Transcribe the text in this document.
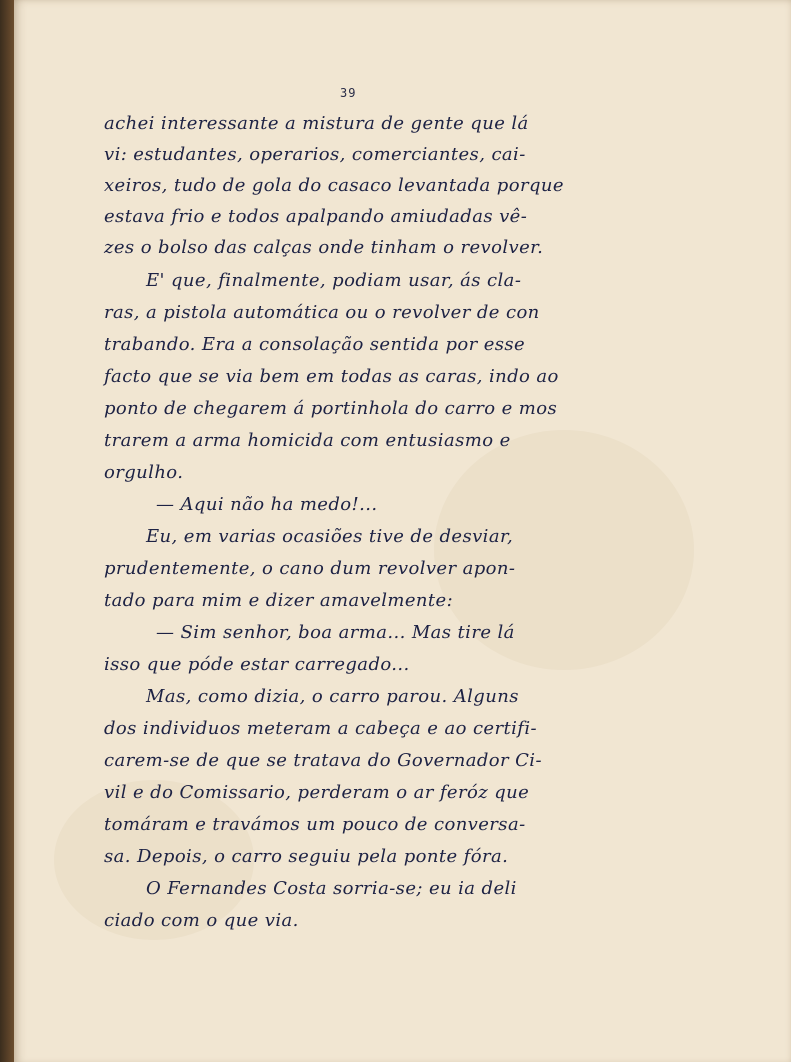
39
achei interessante a mistura de gente que lá
vi: estudantes, operarios, comerciantes, cai-
xeiros, tudo de gola do casaco levantada porque
estava frio e todos apalpando amiudadas vê-
zes o bolso das calças onde tinham o revolver.
E' que, finalmente, podiam usar, ás cla-
ras, a pistola automática ou o revolver de con
trabando. Era a consolação sentida por esse
facto que se via bem em todas as caras, indo ao
ponto de chegarem á portinhola do carro e mos
trarem a arma homicida com entusiasmo e
orgulho.
— Aqui não ha medo!...
Eu, em varias ocasiões tive de desviar,
prudentemente, o cano dum revolver apon-
tado para mim e dizer amavelmente:
— Sim senhor, boa arma... Mas tire lá
isso que póde estar carregado...
Mas, como dizia, o carro parou. Alguns
dos individuos meteram a cabeça e ao certifi-
carem-se de que se tratava do Governador Ci-
vil e do Comissario, perderam o ar feróz que
tomáram e travámos um pouco de conversa-
sa. Depois, o carro seguiu pela ponte fóra.
O Fernandes Costa sorria-se; eu ia deli
ciado com o que via.
